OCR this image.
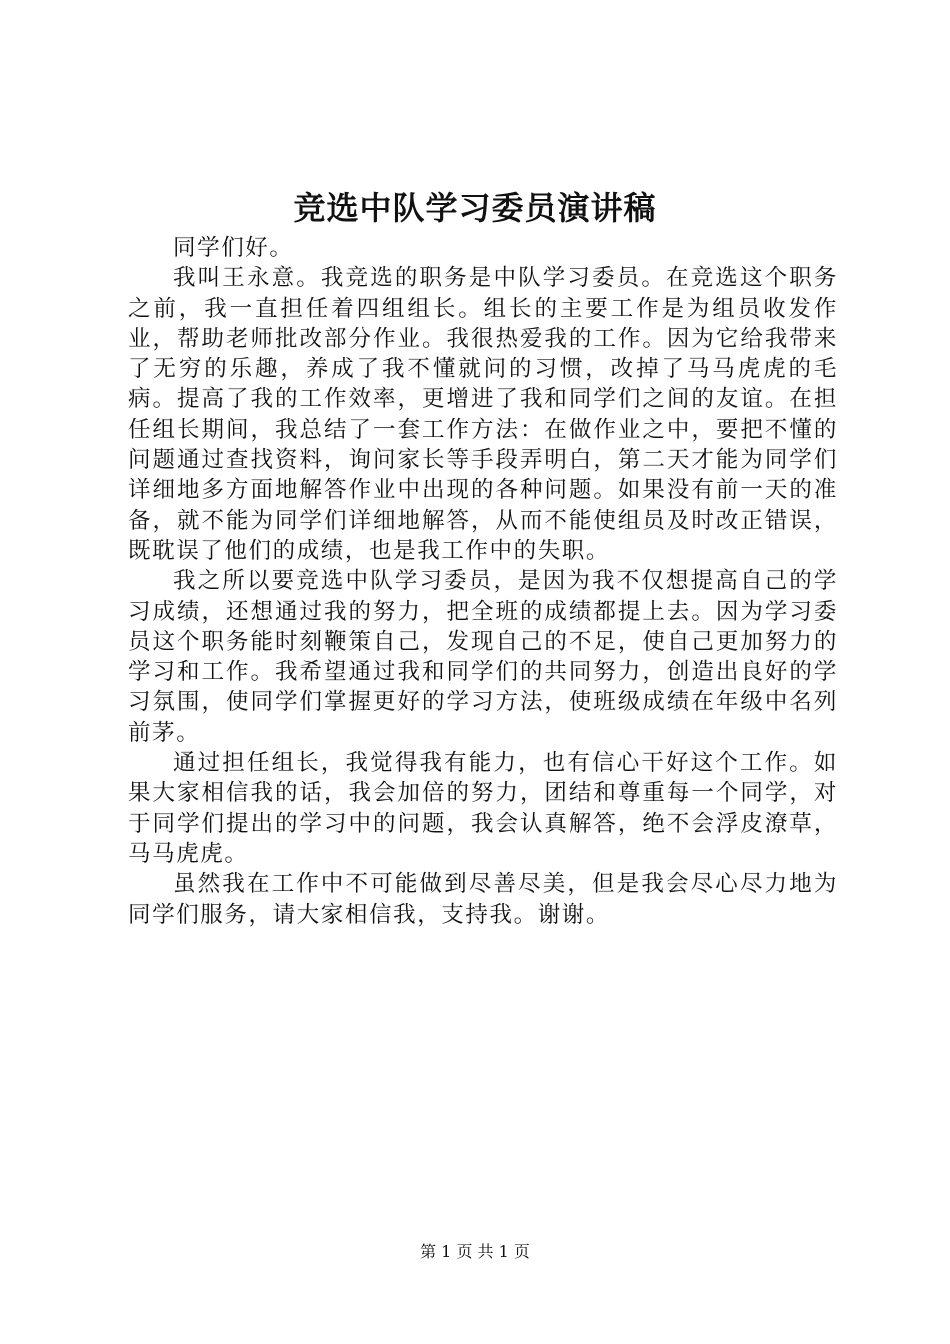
竞选中队学习委员演讲稿

同学们好。

我叫王永意。我竞选的职务是中队学习委员。在竞选这个职务之前，我一直担任着四组组长。组长的主要工作是为组员收发作业，帮助老师批改部分作业。我很热爱我的工作。因为它给我带来了无穷的乐趣，养成了我不懂就问的习惯，改掉了马马虎虎的毛病。提高了我的工作效率，更增进了我和同学们之间的友谊。在担任组长期间，我总结了一套工作方法：在做作业之中，要把不懂的问题通过查找资料，询问家长等手段弄明白，第二天才能为同学们详细地多方面地解答作业中出现的各种问题。如果没有前一天的准备，就不能为同学们详细地解答，从而不能使组员及时改正错误，既耽误了他们的成绩，也是我工作中的失职。

我之所以要竞选中队学习委员，是因为我不仅想提高自己的学习成绩，还想通过我的努力，把全班的成绩都提上去。因为学习委员这个职务能时刻鞭策自己，发现自己的不足，使自己更加努力的学习和工作。我希望通过我和同学们的共同努力，创造出良好的学习氛围，使同学们掌握更好的学习方法，使班级成绩在年级中名列前茅。

通过担任组长，我觉得我有能力，也有信心干好这个工作。如果大家相信我的话，我会加倍的努力，团结和尊重每一个同学，对于同学们提出的学习中的问题，我会认真解答，绝不会浮皮潦草，马马虎虎。

虽然我在工作中不可能做到尽善尽美，但是我会尽心尽力地为同学们服务，请大家相信我，支持我。谢谢。

第 1 页 共 1 页
